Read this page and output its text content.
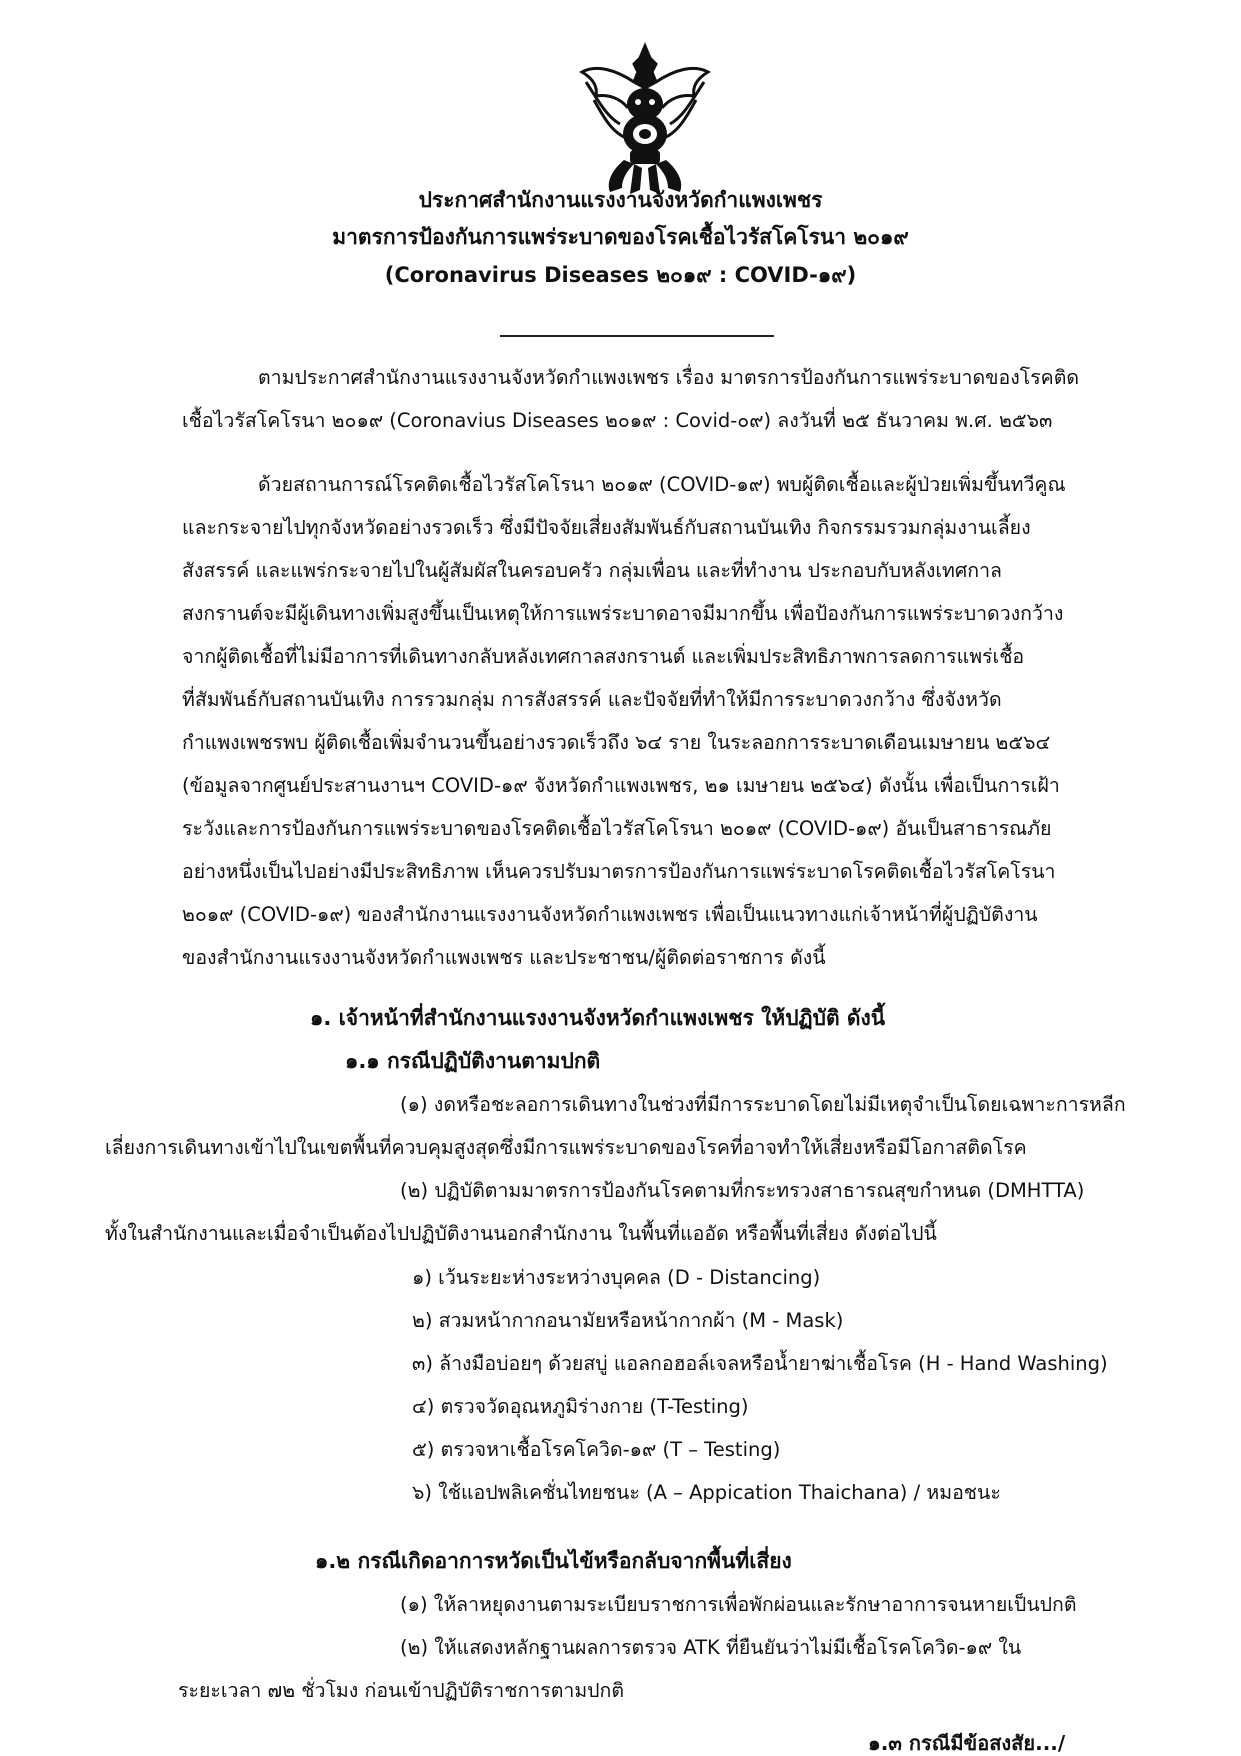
ประกาศสำนักงานแรงงานจังหวัดกำแพงเพชร
มาตรการป้องกันการแพร่ระบาดของโรคเชื้อไวรัสโคโรนา ๒๐๑๙
(Coronavirus Diseases ๒๐๑๙ : COVID-๑๙)
ตามประกาศสำนักงานแรงงานจังหวัดกำแพงเพชร เรื่อง มาตรการป้องกันการแพร่ระบาดของโรคติด
เชื้อไวรัสโคโรนา ๒๐๑๙ (Coronavius Diseases ๒๐๑๙ : Covid-๐๙) ลงวันที่ ๒๕ ธันวาคม พ.ศ. ๒๕๖๓
ด้วยสถานการณ์โรคติดเชื้อไวรัสโคโรนา ๒๐๑๙ (COVID-๑๙) พบผู้ติดเชื้อและผู้ป่วยเพิ่มขึ้นทวีคูณ
และกระจายไปทุกจังหวัดอย่างรวดเร็ว ซึ่งมีปัจจัยเสี่ยงสัมพันธ์กับสถานบันเทิง กิจกรรมรวมกลุ่มงานเลี้ยง
สังสรรค์ และแพร่กระจายไปในผู้สัมผัสในครอบครัว กลุ่มเพื่อน และที่ทำงาน ประกอบกับหลังเทศกาล
สงกรานต์จะมีผู้เดินทางเพิ่มสูงขึ้นเป็นเหตุให้การแพร่ระบาดอาจมีมากขึ้น เพื่อป้องกันการแพร่ระบาดวงกว้าง
จากผู้ติดเชื้อที่ไม่มีอาการที่เดินทางกลับหลังเทศกาลสงกรานต์ และเพิ่มประสิทธิภาพการลดการแพร่เชื้อ
ที่สัมพันธ์กับสถานบันเทิง การรวมกลุ่ม การสังสรรค์ และปัจจัยที่ทำให้มีการระบาดวงกว้าง ซึ่งจังหวัด
กำแพงเพชรพบ ผู้ติดเชื้อเพิ่มจำนวนขึ้นอย่างรวดเร็วถึง ๖๔ ราย ในระลอกการระบาดเดือนเมษายน ๒๕๖๔
(ข้อมูลจากศูนย์ประสานงานฯ COVID-๑๙ จังหวัดกำแพงเพชร, ๒๑ เมษายน ๒๕๖๔) ดังนั้น เพื่อเป็นการเฝ้า
ระวังและการป้องกันการแพร่ระบาดของโรคติดเชื้อไวรัสโคโรนา ๒๐๑๙ (COVID-๑๙) อันเป็นสาธารณภัย
อย่างหนึ่งเป็นไปอย่างมีประสิทธิภาพ เห็นควรปรับมาตรการป้องกันการแพร่ระบาดโรคติดเชื้อไวรัสโคโรนา
๒๐๑๙ (COVID-๑๙) ของสำนักงานแรงงานจังหวัดกำแพงเพชร เพื่อเป็นแนวทางแก่เจ้าหน้าที่ผู้ปฏิบัติงาน
ของสำนักงานแรงงานจังหวัดกำแพงเพชร และประชาชน/ผู้ติดต่อราชการ ดังนี้
๑. เจ้าหน้าที่สำนักงานแรงงานจังหวัดกำแพงเพชร ให้ปฏิบัติ ดังนี้
๑.๑ กรณีปฏิบัติงานตามปกติ
(๑) งดหรือชะลอการเดินทางในช่วงที่มีการระบาดโดยไม่มีเหตุจำเป็นโดยเฉพาะการหลีก
เลี่ยงการเดินทางเข้าไปในเขตพื้นที่ควบคุมสูงสุดซึ่งมีการแพร่ระบาดของโรคที่อาจทำให้เสี่ยงหรือมีโอกาสติดโรค
(๒) ปฏิบัติตามมาตรการป้องกันโรคตามที่กระทรวงสาธารณสุขกำหนด (DMHTTA)
ทั้งในสำนักงานและเมื่อจำเป็นต้องไปปฏิบัติงานนอกสำนักงาน ในพื้นที่แออัด หรือพื้นที่เสี่ยง ดังต่อไปนี้
๑) เว้นระยะห่างระหว่างบุคคล (D - Distancing)
๒) สวมหน้ากากอนามัยหรือหน้ากากผ้า (M - Mask)
๓) ล้างมือบ่อยๆ ด้วยสบู่ แอลกอฮอล์เจลหรือน้ำยาฆ่าเชื้อโรค (H - Hand Washing)
๔) ตรวจวัดอุณหภูมิร่างกาย (T-Testing)
๕) ตรวจหาเชื้อโรคโควิด-๑๙ (T – Testing)
๖) ใช้แอปพลิเคชั่นไทยชนะ (A – Appication Thaichana) / หมอชนะ
๑.๒ กรณีเกิดอาการหวัดเป็นไข้หรือกลับจากพื้นที่เสี่ยง
(๑) ให้ลาหยุดงานตามระเบียบราชการเพื่อพักผ่อนและรักษาอาการจนหายเป็นปกติ
(๒) ให้แสดงหลักฐานผลการตรวจ ATK ที่ยืนยันว่าไม่มีเชื้อโรคโควิด-๑๙ ใน
ระยะเวลา ๗๒ ชั่วโมง ก่อนเข้าปฏิบัติราชการตามปกติ
๑.๓ กรณีมีข้อสงสัย.../
